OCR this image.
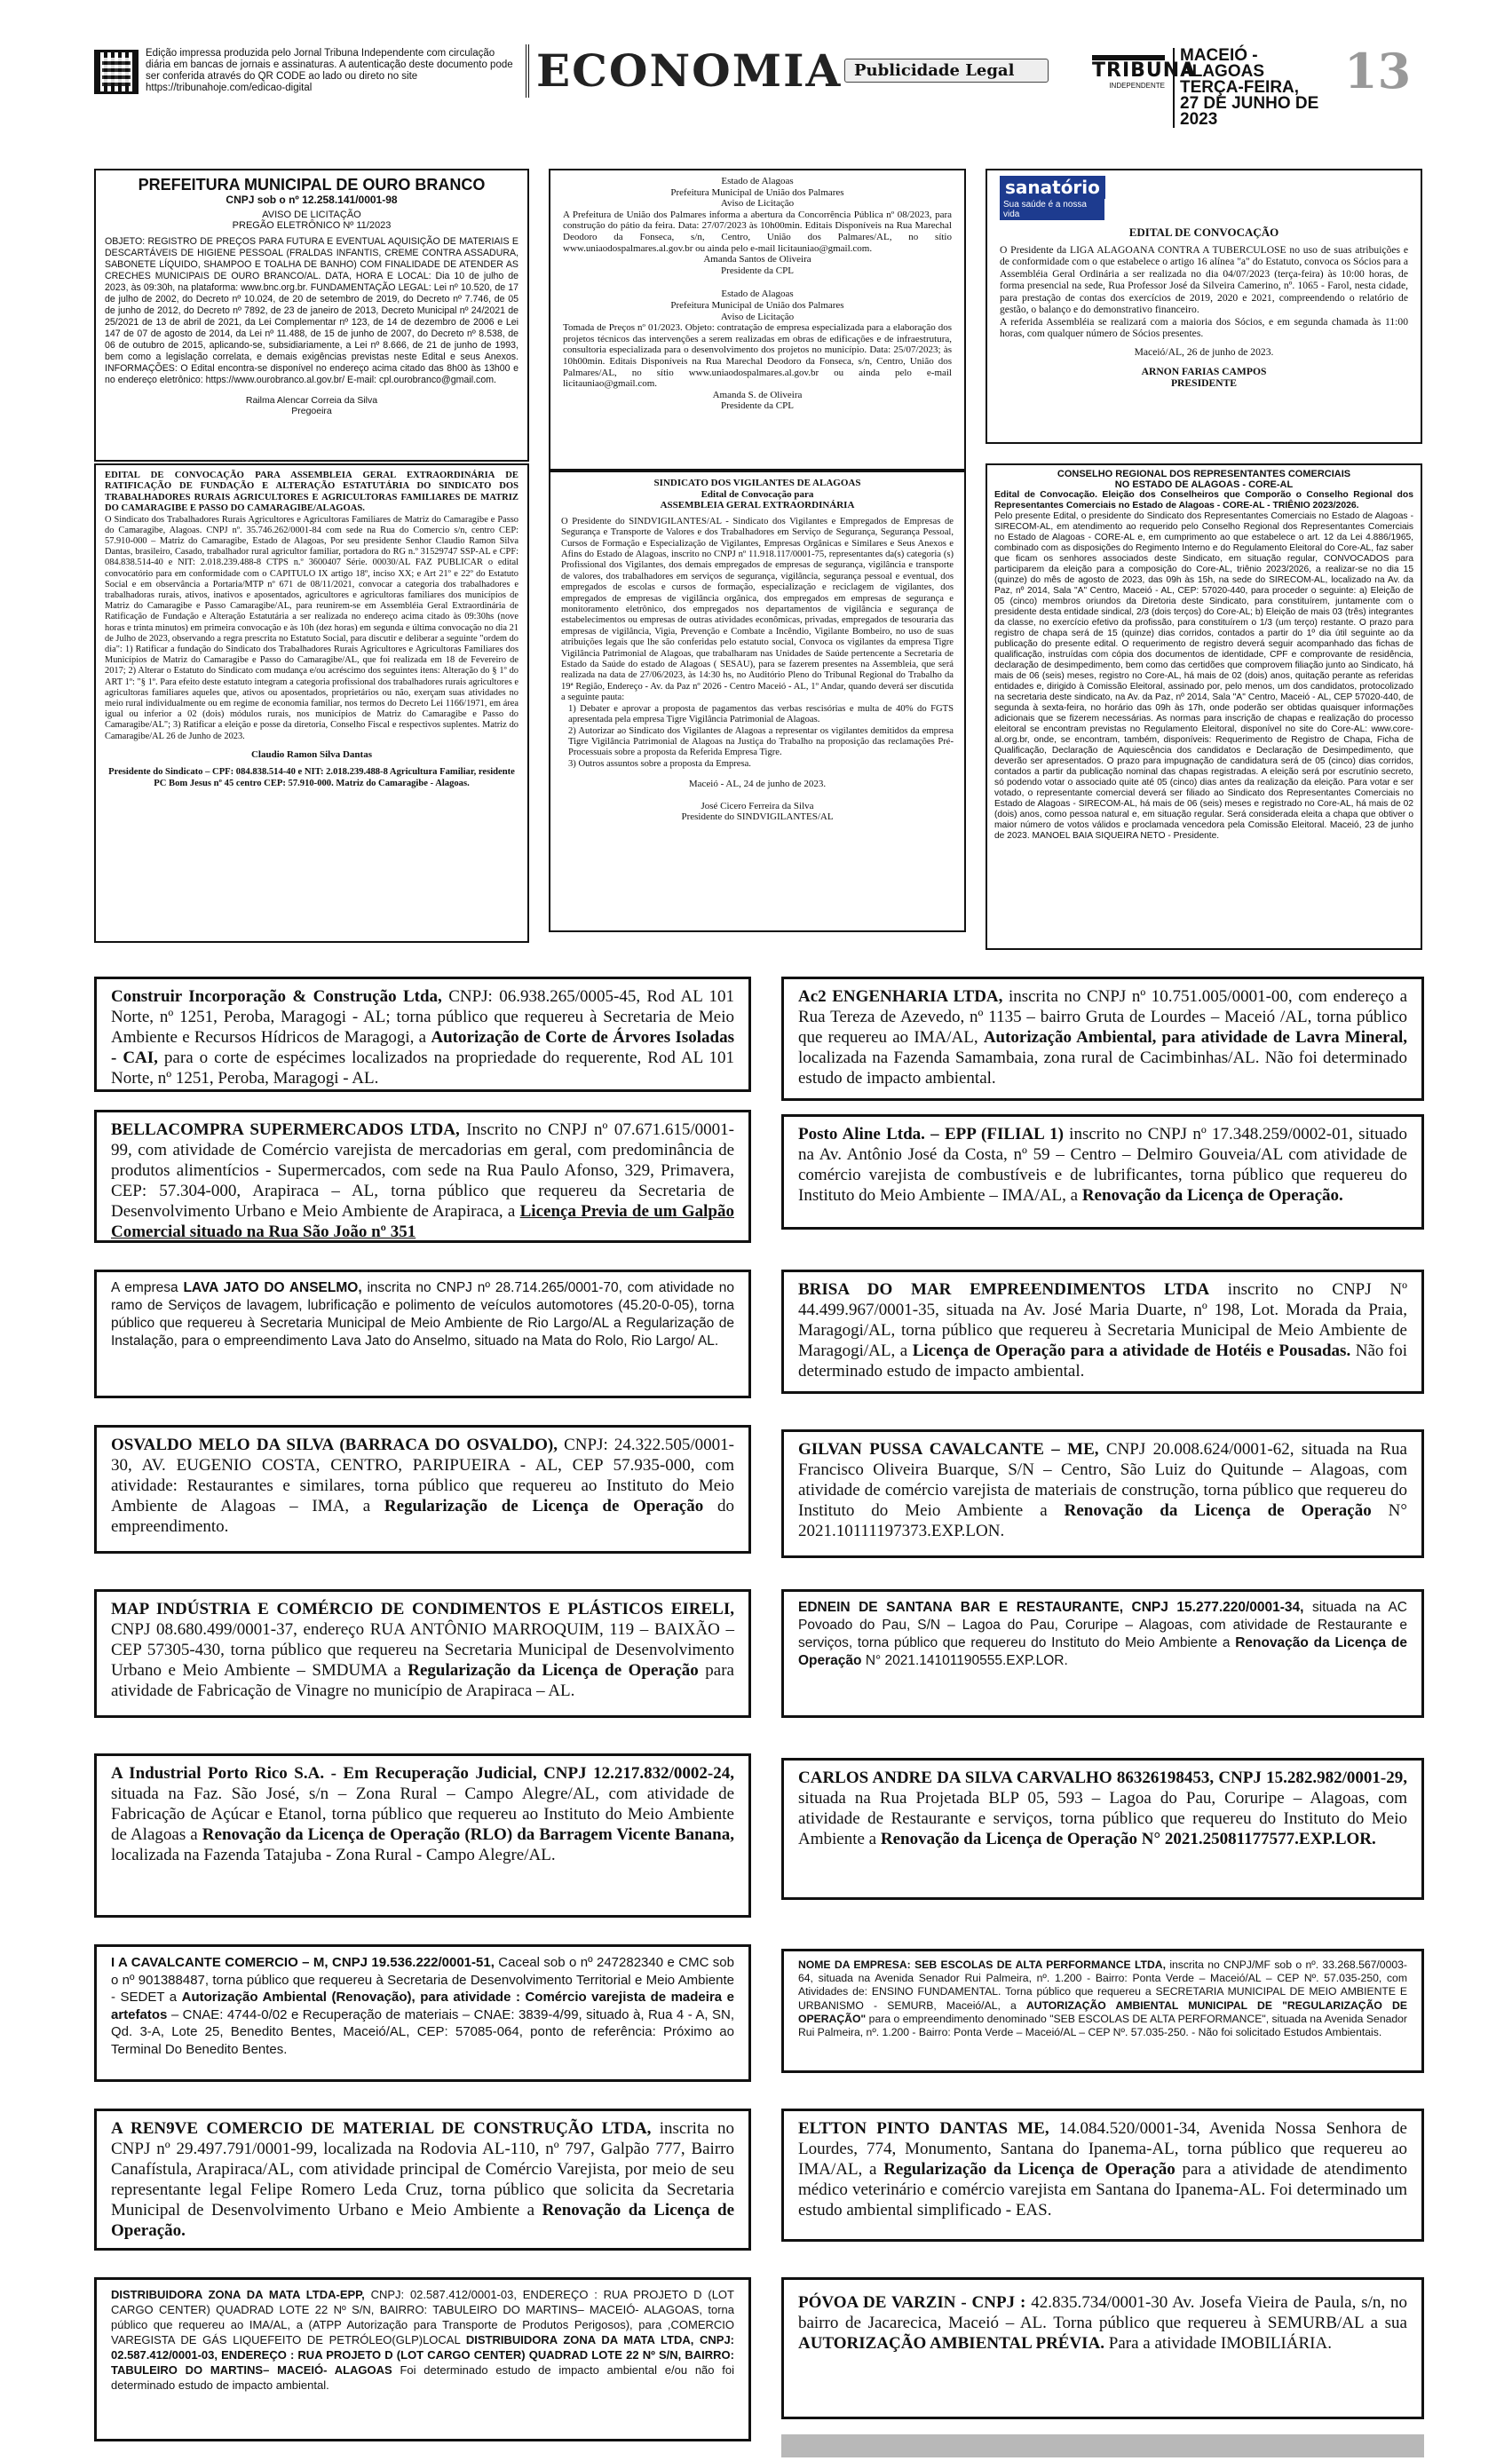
Edição impressa produzida pelo Jornal Tribuna Independente com circulação diária em bancas de jornais e assinaturas. A autenticação deste documento pode ser conferida através do QR CODE ao lado ou direto no site https://tribunahoje.com/edicao-digital	ECONOMIA Publicidade Legal	TRIBUNA
INDEPENDENTE
MACEIÓ - ALAGOAS
TERÇA-FEIRA,
27 DE JUNHO DE 2023
13
PREFEITURA MUNICIPAL DE OURO BRANCO
CNPJ sob o nº 12.258.141/0001-98
AVISO DE LICITAÇÃO
PREGÃO ELETRÔNICO Nº 11/2023
OBJETO: REGISTRO DE PREÇOS PARA FUTURA E EVENTUAL AQUISIÇÃO DE MATERIAIS E DESCARTÁVEIS DE HIGIENE PESSOAL (FRALDAS INFANTIS, CREME CONTRA ASSADURA, SABONETE LÍQUIDO, SHAMPOO E TOALHA DE BANHO) COM FINALIDADE DE ATENDER AS CRECHES MUNICIPAIS DE OURO BRANCO/AL. DATA, HORA E LOCAL: Dia 10 de julho de 2023, às 09:30h, na plataforma: www.bnc.org.br. FUNDAMENTAÇÃO LEGAL: Lei nº 10.520, de 17 de julho de 2002, do Decreto nº 10.024, de 20 de setembro de 2019, do Decreto nº 7.746, de 05 de junho de 2012, do Decreto nº 7892, de 23 de janeiro de 2013, Decreto Municipal nº 24/2021 de 25/2021 de 13 de abril de 2021, da Lei Complementar nº 123, de 14 de dezembro de 2006 e Lei 147 de 07 de agosto de 2014, da Lei nº 11.488, de 15 de junho de 2007, do Decreto nº 8.538, de 06 de outubro de 2015, aplicando-se, subsidiariamente, a Lei nº 8.666, de 21 de junho de 1993, bem como a legislação correlata, e demais exigências previstas neste Edital e seus Anexos. INFORMAÇÕES: O Edital encontra-se disponível no endereço acima citado das 8h00 às 13h00 e no endereço eletrônico: https://www.ourobranco.al.gov.br/ E-mail: cpl.ourobranco@gmail.com.
Railma Alencar Correia da Silva
Pregoeira
Estado de Alagoas
Prefeitura Municipal de União dos Palmares
Aviso de Licitação
A Prefeitura de União dos Palmares informa a abertura da Concorrência Pública nº 08/2023, para construção do pátio da feira. Data: 27/07/2023 às 10h00min. Editais Disponíveis na Rua Marechal Deodoro da Fonseca, s/n, Centro, União dos Palmares/AL, no sítio www.uniaodospalmares.al.gov.br ou ainda pelo e-mail licitauniao@gmail.com.
Amanda Santos de Oliveira
Presidente da CPL
Estado de Alagoas
Prefeitura Municipal de União dos Palmares
Aviso de Licitação
Tomada de Preços nº 01/2023. Objeto: contratação de empresa especializada para a elaboração dos projetos técnicos das intervenções a serem realizadas em obras de edificações e de infraestrutura, consultoria especializada para o desenvolvimento dos projetos no município. Data: 25/07/2023; às 10h00min. Editais Disponíveis na Rua Marechal Deodoro da Fonseca, s/n, Centro, União dos Palmares/AL, no sítio www.uniaodospalmares.al.gov.br ou ainda pelo e-mail licitauniao@gmail.com.
Amanda S. de Oliveira
Presidente da CPL
sanatório
Sua saúde é a nossa vida
EDITAL DE CONVOCAÇÃO
O Presidente da LIGA ALAGOANA CONTRA A TUBERCULOSE no uso de suas atribuições e de conformidade com o que estabelece o artigo 16 alínea "a" do Estatuto, convoca os Sócios para a Assembléia Geral Ordinária a ser realizada no dia 04/07/2023 (terça-feira) às 10:00 horas, de forma presencial na sede, Rua Professor José da Silveira Camerino, nº. 1065 - Farol, nesta cidade, para prestação de contas dos exercícios de 2019, 2020 e 2021, compreendendo o relatório de gestão, o balanço e do demonstrativo financeiro.
A referida Assembléia se realizará com a maioria dos Sócios, e em segunda chamada às 11:00 horas, com qualquer número de Sócios presentes.
Maceió/AL, 26 de junho de 2023.
ARNON FARIAS CAMPOS
PRESIDENTE
EDITAL DE CONVOCAÇÃO PARA ASSEMBLEIA GERAL EXTRAORDINÁRIA DE RATIFICAÇÃO DE FUNDAÇÃO E ALTERAÇÃO ESTATUTÁRIA DO SINDICATO DOS TRABALHADORES RURAIS AGRICULTORES E AGRICULTORAS FAMILIARES DE MATRIZ DO CAMARAGIBE E PASSO DO CAMARAGIBE/ALAGOAS.
O Sindicato dos Trabalhadores Rurais Agricultores e Agricultoras Familiares de Matriz do Camaragibe e Passo do Camaragibe, Alagoas. CNPJ nº. 35.746.262/0001-84 com sede na Rua do Comercio s/n, centro CEP: 57.910-000 – Matriz do Camaragibe, Estado de Alagoas, Por seu presidente Senhor Claudio Ramon Silva Dantas, brasileiro, Casado, trabalhador rural agricultor familiar, portadora do RG n.º 31529747 SSP-AL e CPF: 084.838.514-40 e NIT: 2.018.239.488-8 CTPS n.º 3600407 Série. 00030/AL FAZ PUBLICAR o edital convocatório para em conformidade com o CAPITULO IX artigo 18º, inciso XX; e Art 21º e 22º do Estatuto Social e em observância a Portaria/MTP nº 671 de 08/11/2021, convocar a categoria dos trabalhadores e trabalhadoras rurais, ativos, inativos e aposentados, agricultores e agricultoras familiares dos municípios de Matriz do Camaragibe e Passo Camaragibe/AL, para reunirem-se em Assembléia Geral Extraordinária de Ratificação de Fundação e Alteração Estatutária a ser realizada no endereço acima citado às 09:30hs (nove horas e trinta minutos) em primeira convocação e às 10h (dez horas) em segunda e última convocação no dia 21 de Julho de 2023, observando a regra prescrita no Estatuto Social, para discutir e deliberar a seguinte "ordem do dia": 1) Ratificar a fundação do Sindicato dos Trabalhadores Rurais Agricultores e Agricultoras Familiares dos Municípios de Matriz do Camaragibe e Passo do Camaragibe/AL, que foi realizada em 18 de Fevereiro de 2017; 2) Alterar o Estatuto do Sindicato com mudança e/ou acréscimo dos seguintes itens: Alteração do § 1º do ART 1º: "§ 1º. Para efeito deste estatuto integram a categoria profissional dos trabalhadores rurais agricultores e agricultoras familiares aqueles que, ativos ou aposentados, proprietários ou não, exerçam suas atividades no meio rural individualmente ou em regime de economia familiar, nos termos do Decreto Lei 1166/1971, em área igual ou inferior a 02 (dois) módulos rurais, nos municípios de Matriz do Camaragibe e Passo do Camaragibe/AL"; 3) Ratificar a eleição e posse da diretoria, Conselho Fiscal e respectivos suplentes. Matriz do Camaragibe/AL 26 de Junho de 2023.
Claudio Ramon Silva Dantas
Presidente do Sindicato – CPF: 084.838.514-40 e NIT: 2.018.239.488-8 Agricultura Familiar, residente PC Bom Jesus nº 45 centro CEP: 57.910-000. Matriz do Camaragibe - Alagoas.
SINDICATO DOS VIGILANTES DE ALAGOAS
Edital de Convocação para
ASSEMBLEIA GERAL EXTRAORDINÁRIA
O Presidente do SINDVIGILANTES/AL - Sindicato dos Vigilantes e Empregados de Empresas de Segurança e Transporte de Valores e dos Trabalhadores em Serviço de Segurança, Segurança Pessoal, Cursos de Formação e Especialização de Vigilantes, Empresas Orgânicas e Similares e Seus Anexos e Afins do Estado de Alagoas, inscrito no CNPJ nº 11.918.117/0001-75, representantes da(s) categoria (s) Profissional dos Vigilantes, dos demais empregados de empresas de segurança, vigilância e transporte de valores, dos trabalhadores em serviços de segurança, vigilância, segurança pessoal e eventual, dos empregados de escolas e cursos de formação, especialização e reciclagem de vigilantes, dos empregados de empresas de vigilância orgânica, dos empregados em empresas de segurança e monitoramento eletrônico, dos empregados nos departamentos de vigilância e segurança de estabelecimentos ou empresas de outras atividades econômicas, privadas, empregados de tesouraria das empresas de vigilância, Vigia, Prevenção e Combate a Incêndio, Vigilante Bombeiro, no uso de suas atribuições legais que lhe são conferidas pelo estatuto social, Convoca os vigilantes da empresa Tigre Vigilância Patrimonial de Alagoas, que trabalharam nas Unidades de Saúde pertencente a Secretaria de Estado da Saúde do estado de Alagoas ( SESAU), para se fazerem presentes na Assembleia, que será realizada na data de 27/06/2023, às 14:30 hs, no Auditório Pleno do Tribunal Regional do Trabalho da 19ª Região, Endereço - Av. da Paz nº 2026 - Centro Maceió - AL, 1º Andar, quando deverá ser discutida a seguinte pauta:
1) Debater e aprovar a proposta de pagamentos das verbas rescisórias e multa de 40% do FGTS apresentada pela empresa Tigre Vigilância Patrimonial de Alagoas.
2) Autorizar ao Sindicato dos Vigilantes de Alagoas a representar os vigilantes demitidos da empresa Tigre Vigilância Patrimonial de Alagoas na Justiça do Trabalho na proposição das reclamações Pré-Processuais sobre a proposta da Referida Empresa Tigre.
3) Outros assuntos sobre a proposta da Empresa.
Maceió - AL, 24 de junho de 2023.
José Cicero Ferreira da Silva
Presidente do SINDVIGILANTES/AL
CONSELHO REGIONAL DOS REPRESENTANTES COMERCIAIS
NO ESTADO DE ALAGOAS - CORE-AL
Edital de Convocação. Eleição dos Conselheiros que Comporão o Conselho Regional dos Representantes Comerciais no Estado de Alagoas - CORE-AL - TRIÊNIO 2023/2026.
Pelo presente Edital, o presidente do Sindicato dos Representantes Comerciais no Estado de Alagoas - SIRECOM-AL, em atendimento ao requerido pelo Conselho Regional dos Representantes Comerciais no Estado de Alagoas - CORE-AL e, em cumprimento ao que estabelece o art. 12 da Lei 4.886/1965, combinado com as disposições do Regimento Interno e do Regulamento Eleitoral do Core-AL, faz saber que ficam os senhores associados deste Sindicato, em situação regular, CONVOCADOS para participarem da eleição para a composição do Core-AL, triênio 2023/2026, a realizar-se no dia 15 (quinze) do mês de agosto de 2023, das 09h às 15h, na sede do SIRECOM-AL, localizado na Av. da Paz, nº 2014, Sala "A" Centro, Maceió - AL, CEP: 57020-440, para proceder o seguinte: a) Eleição de 05 (cinco) membros oriundos da Diretoria deste Sindicato, para constituírem, juntamente com o presidente desta entidade sindical, 2/3 (dois terços) do Core-AL; b) Eleição de mais 03 (três) integrantes da classe, no exercício efetivo da profissão, para constituírem o 1/3 (um terço) restante. O prazo para registro de chapa será de 15 (quinze) dias corridos, contados a partir do 1º dia útil seguinte ao da publicação do presente edital. O requerimento de registro deverá seguir acompanhado das fichas de qualificação, instruídas com cópia dos documentos de identidade, CPF e comprovante de residência, declaração de desimpedimento, bem como das certidões que comprovem filiação junto ao Sindicato, há mais de 06 (seis) meses, registro no Core-AL, há mais de 02 (dois) anos, quitação perante as referidas entidades e, dirigido à Comissão Eleitoral, assinado por, pelo menos, um dos candidatos, protocolizado na secretaria deste sindicato, na Av. da Paz, nº 2014, Sala "A" Centro, Maceió - AL, CEP 57020-440, de segunda à sexta-feira, no horário das 09h às 17h, onde poderão ser obtidas quaisquer informações adicionais que se fizerem necessárias. As normas para inscrição de chapas e realização do processo eleitoral se encontram previstas no Regulamento Eleitoral, disponível no site do Core-AL: www.core-al.org.br, onde, se encontram, também, disponíveis: Requerimento de Registro de Chapa, Ficha de Qualificação, Declaração de Aquiescência dos candidatos e Declaração de Desimpedimento, que deverão ser apresentados. O prazo para impugnação de candidatura será de 05 (cinco) dias corridos, contados a partir da publicação nominal das chapas registradas. A eleição será por escrutínio secreto, só podendo votar o associado quite até 05 (cinco) dias antes da realização da eleição. Para votar e ser votado, o representante comercial deverá ser filiado ao Sindicato dos Representantes Comerciais no Estado de Alagoas - SIRECOM-AL, há mais de 06 (seis) meses e registrado no Core-AL, há mais de 02 (dois) anos, como pessoa natural e, em situação regular. Será considerada eleita a chapa que obtiver o maior número de votos válidos e proclamada vencedora pela Comissão Eleitoral. Maceió, 23 de junho de 2023. MANOEL BAIA SIQUEIRA NETO - Presidente.
Construir Incorporação & Construção Ltda, CNPJ: 06.938.265/0005-45, Rod AL 101 Norte, nº 1251, Peroba, Maragogi - AL; torna público que requereu à Secretaria de Meio Ambiente e Recursos Hídricos de Maragogi, a Autorização de Corte de Árvores Isoladas - CAI, para o corte de espécimes localizados na propriedade do requerente, Rod AL 101 Norte, nº 1251, Peroba, Maragogi - AL.
Ac2 ENGENHARIA LTDA, inscrita no CNPJ nº 10.751.005/0001-00, com endereço a Rua Tereza de Azevedo, nº 1135 – bairro Gruta de Lourdes – Maceió /AL, torna público que requereu ao IMA/AL, Autorização Ambiental, para atividade de Lavra Mineral, localizada na Fazenda Samambaia, zona rural de Cacimbinhas/AL. Não foi determinado estudo de impacto ambiental.
BELLACOMPRA SUPERMERCADOS LTDA, Inscrito no CNPJ nº 07.671.615/0001-99, com atividade de Comércio varejista de mercadorias em geral, com predominância de produtos alimentícios - Supermercados, com sede na Rua Paulo Afonso, 329, Primavera, CEP: 57.304-000, Arapiraca – AL, torna público que requereu da Secretaria de Desenvolvimento Urbano e Meio Ambiente de Arapiraca, a Licença Previa de um Galpão Comercial situado na Rua São João nº 351
Posto Aline Ltda. – EPP (FILIAL 1) inscrito no CNPJ nº 17.348.259/0002-01, situado na Av. Antônio José da Costa, nº 59 – Centro – Delmiro Gouveia/AL com atividade de comércio varejista de combustíveis e de lubrificantes, torna público que requereu do Instituto do Meio Ambiente – IMA/AL, a Renovação da Licença de Operação.
A empresa LAVA JATO DO ANSELMO, inscrita no CNPJ nº 28.714.265/0001-70, com atividade no ramo de Serviços de lavagem, lubrificação e polimento de veículos automotores (45.20-0-05), torna público que requereu à Secretaria Municipal de Meio Ambiente de Rio Largo/AL a Regularização de Instalação, para o empreendimento Lava Jato do Anselmo, situado na Mata do Rolo, Rio Largo/ AL.
BRISA DO MAR EMPREENDIMENTOS LTDA inscrito no CNPJ Nº 44.499.967/0001-35, situada na Av. José Maria Duarte, nº 198, Lot. Morada da Praia, Maragogi/AL, torna público que requereu à Secretaria Municipal de Meio Ambiente de Maragogi/AL, a Licença de Operação para a atividade de Hotéis e Pousadas. Não foi determinado estudo de impacto ambiental.
OSVALDO MELO DA SILVA (BARRACA DO OSVALDO), CNPJ: 24.322.505/0001-30, AV. EUGENIO COSTA, CENTRO, PARIPUEIRA - AL, CEP 57.935-000, com atividade: Restaurantes e similares, torna público que requereu ao Instituto do Meio Ambiente de Alagoas – IMA, a Regularização de Licença de Operação do empreendimento.
GILVAN PUSSA CAVALCANTE – ME, CNPJ 20.008.624/0001-62, situada na Rua Francisco Oliveira Buarque, S/N – Centro, São Luiz do Quitunde – Alagoas, com atividade de comércio varejista de materiais de construção, torna público que requereu do Instituto do Meio Ambiente a Renovação da Licença de Operação N° 2021.10111197373.EXP.LON.
MAP INDÚSTRIA E COMÉRCIO DE CONDIMENTOS E PLÁSTICOS EIRELI, CNPJ 08.680.499/0001-37, endereço RUA ANTÔNIO MARROQUIM, 119 – BAIXÃO – CEP 57305-430, torna público que requereu na Secretaria Municipal de Desenvolvimento Urbano e Meio Ambiente – SMDUMA a Regularização da Licença de Operação para atividade de Fabricação de Vinagre no município de Arapiraca – AL.
EDNEIN DE SANTANA BAR E RESTAURANTE, CNPJ 15.277.220/0001-34, situada na AC Povoado do Pau, S/N – Lagoa do Pau, Coruripe – Alagoas, com atividade de Restaurante e serviços, torna público que requereu do Instituto do Meio Ambiente a Renovação da Licença de Operação N° 2021.14101190555.EXP.LOR.
A Industrial Porto Rico S.A. - Em Recuperação Judicial, CNPJ 12.217.832/0002-24, situada na Faz. São José, s/n – Zona Rural – Campo Alegre/AL, com atividade de Fabricação de Açúcar e Etanol, torna público que requereu ao Instituto do Meio Ambiente de Alagoas a Renovação da Licença de Operação (RLO) da Barragem Vicente Banana, localizada na Fazenda Tatajuba - Zona Rural - Campo Alegre/AL.
CARLOS ANDRE DA SILVA CARVALHO 86326198453, CNPJ 15.282.982/0001-29, situada na Rua Projetada BLP 05, 593 – Lagoa do Pau, Coruripe – Alagoas, com atividade de Restaurante e serviços, torna público que requereu do Instituto do Meio Ambiente a Renovação da Licença de Operação N° 2021.25081177577.EXP.LOR.
I A CAVALCANTE COMERCIO – M, CNPJ 19.536.222/0001-51, Caceal sob o nº 247282340 e CMC sob o nº 901388487, torna público que requereu à Secretaria de Desenvolvimento Territorial e Meio Ambiente - SEDET a Autorização Ambiental (Renovação), para atividade : Comércio varejista de madeira e artefatos – CNAE: 4744-0/02 e Recuperação de materiais – CNAE: 3839-4/99, situado à, Rua 4 - A, SN, Qd. 3-A, Lote 25, Benedito Bentes, Maceió/AL, CEP: 57085-064, ponto de referência: Próximo ao Terminal Do Benedito Bentes.
NOME DA EMPRESA: SEB ESCOLAS DE ALTA PERFORMANCE LTDA, inscrita no CNPJ/MF sob o nº. 33.268.567/0003-64, situada na Avenida Senador Rui Palmeira, nº. 1.200 - Bairro: Ponta Verde – Maceió/AL – CEP Nº. 57.035-250, com Atividades de: ENSINO FUNDAMENTAL. Torna público que requereu a SECRETARIA MUNICIPAL DE MEIO AMBIENTE E URBANISMO - SEMURB, Maceió/AL, a AUTORIZAÇÃO AMBIENTAL MUNICIPAL DE "REGULARIZAÇÃO DE OPERAÇÃO" para o empreendimento denominado "SEB ESCOLAS DE ALTA PERFORMANCE", situada na Avenida Senador Rui Palmeira, nº. 1.200 - Bairro: Ponta Verde – Maceió/AL – CEP Nº. 57.035-250. - Não foi solicitado Estudos Ambientais.
A REN9VE COMERCIO DE MATERIAL DE CONSTRUÇÃO LTDA, inscrita no CNPJ nº 29.497.791/0001-99, localizada na Rodovia AL-110, nº 797, Galpão 777, Bairro Canafístula, Arapiraca/AL, com atividade principal de Comércio Varejista, por meio de seu representante legal Felipe Romero Leda Cruz, torna público que solicita da Secretaria Municipal de Desenvolvimento Urbano e Meio Ambiente a Renovação da Licença de Operação.
ELTTON PINTO DANTAS ME, 14.084.520/0001-34, Avenida Nossa Senhora de Lourdes, 774, Monumento, Santana do Ipanema-AL, torna público que requereu ao IMA/AL, a Regularização da Licença de Operação para a atividade de atendimento médico veterinário e comércio varejista em Santana do Ipanema-AL. Foi determinado um estudo ambiental simplificado - EAS.
DISTRIBUIDORA ZONA DA MATA LTDA-EPP, CNPJ: 02.587.412/0001-03, ENDEREÇO : RUA PROJETO D (LOT CARGO CENTER) QUADRAD LOTE 22 Nº S/N, BAIRRO: TABULEIRO DO MARTINS– MACEIÓ- ALAGOAS, torna público que requereu ao IMA/AL, a (ATPP Autorização para Transporte de Produtos Perigosos), para ,COMERCIO VAREGISTA DE GÁS LIQUEFEITO DE PETRÓLEO(GLP)LOCAL DISTRIBUIDORA ZONA DA MATA LTDA, CNPJ: 02.587.412/0001-03, ENDEREÇO : RUA PROJETO D (LOT CARGO CENTER) QUADRAD LOTE 22 Nº S/N, BAIRRO: TABULEIRO DO MARTINS– MACEIÓ- ALAGOAS Foi determinado estudo de impacto ambiental e/ou não foi determinado estudo de impacto ambiental.
PÓVOA DE VARZIN - CNPJ : 42.835.734/0001-30 Av. Josefa Vieira de Paula, s/n, no bairro de Jacarecica, Maceió – AL. Torna público que requereu à SEMURB/AL a sua AUTORIZAÇÃO AMBIENTAL PRÉVIA. Para a atividade IMOBILIÁRIA.
